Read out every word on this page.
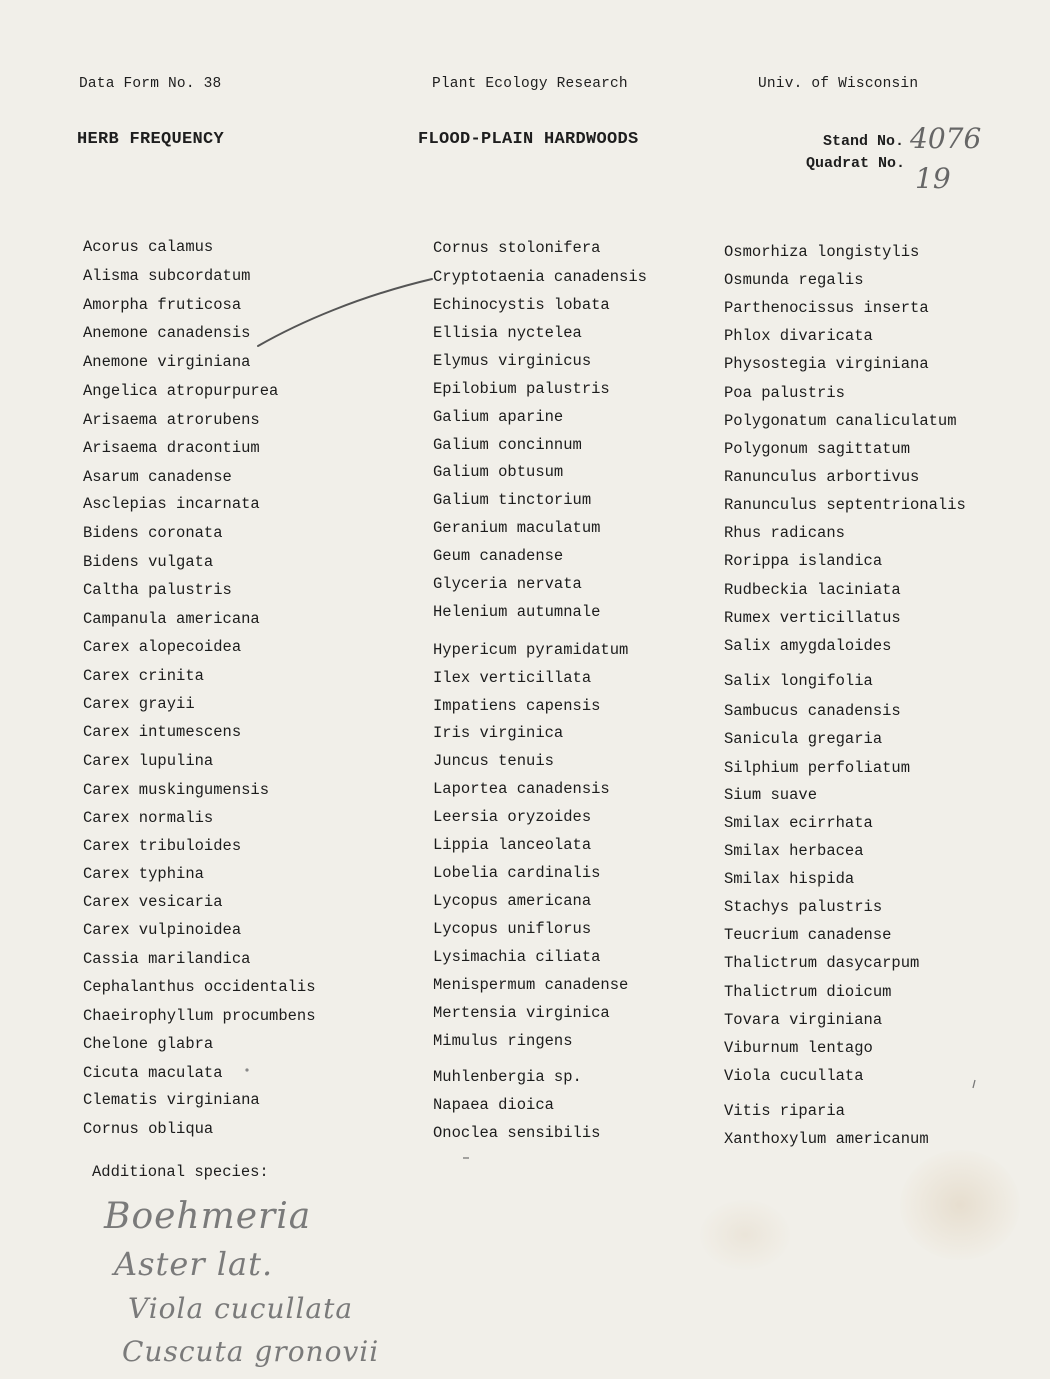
Data Form No. 38	Plant Ecology Research	Univ. of Wisconsin
HERB FREQUENCY	FLOOD-PLAIN HARDWOODS	Stand No. 4076
Quadrat No. 19
Acorus calamus
Alisma subcordatum
Amorpha fruticosa
Anemone canadensis
Anemone virginiana
Angelica atropurpurea
Arisaema atrorubens
Arisaema dracontium
Asarum canadense
Asclepias incarnata
Bidens coronata
Bidens vulgata
Caltha palustris
Campanula americana
Carex alopecoidea
Carex crinita
Carex grayii
Carex intumescens
Carex lupulina
Carex muskingumensis
Carex normalis
Carex tribuloides
Carex typhina
Carex vesicaria
Carex vulpinoidea
Cassia marilandica
Cephalanthus occidentalis
Chaeirophyllum procumbens
Chelone glabra
Cicuta maculata
Clematis virginiana
Cornus obliqua
Cornus stolonifera
Cryptotaenia canadensis
Echinocystis lobata
Ellisia nyctelea
Elymus virginicus
Epilobium palustris
Galium aparine
Galium concinnum
Galium obtusum
Galium tinctorium
Geranium maculatum
Geum canadense
Glyceria nervata
Helenium autumnale
Hypericum pyramidatum
Ilex verticillata
Impatiens capensis
Iris virginica
Juncus tenuis
Laportea canadensis
Leersia oryzoides
Lippia lanceolata
Lobelia cardinalis
Lycopus americana
Lycopus uniflorus
Lysimachia ciliata
Menispermum canadense
Mertensia virginica
Mimulus ringens
Muhlenbergia sp.
Napaea dioica
Onoclea sensibilis
Osmorhiza longistylis
Osmunda regalis
Parthenocissus inserta
Phlox divaricata
Physostegia virginiana
Poa palustris
Polygonatum canaliculatum
Polygonum sagittatum
Ranunculus arbortivus
Ranunculus septentrionalis
Rhus radicans
Rorippa islandica
Rudbeckia laciniata
Rumex verticillatus
Salix amygdaloides
Salix longifolia
Sambucus canadensis
Sanicula gregaria
Silphium perfoliatum
Sium suave
Smilax ecirrhata
Smilax herbacea
Smilax hispida
Stachys palustris
Teucrium canadense
Thalictrum dasycarpum
Thalictrum dioicum
Tovara virginiana
Viburnum lentago
Viola cucullata
Vitis riparia
Xanthoxylum americanum
Additional species:
Boehmeria
Aster lat.
Viola cucullata
Cuscuta gronovii
